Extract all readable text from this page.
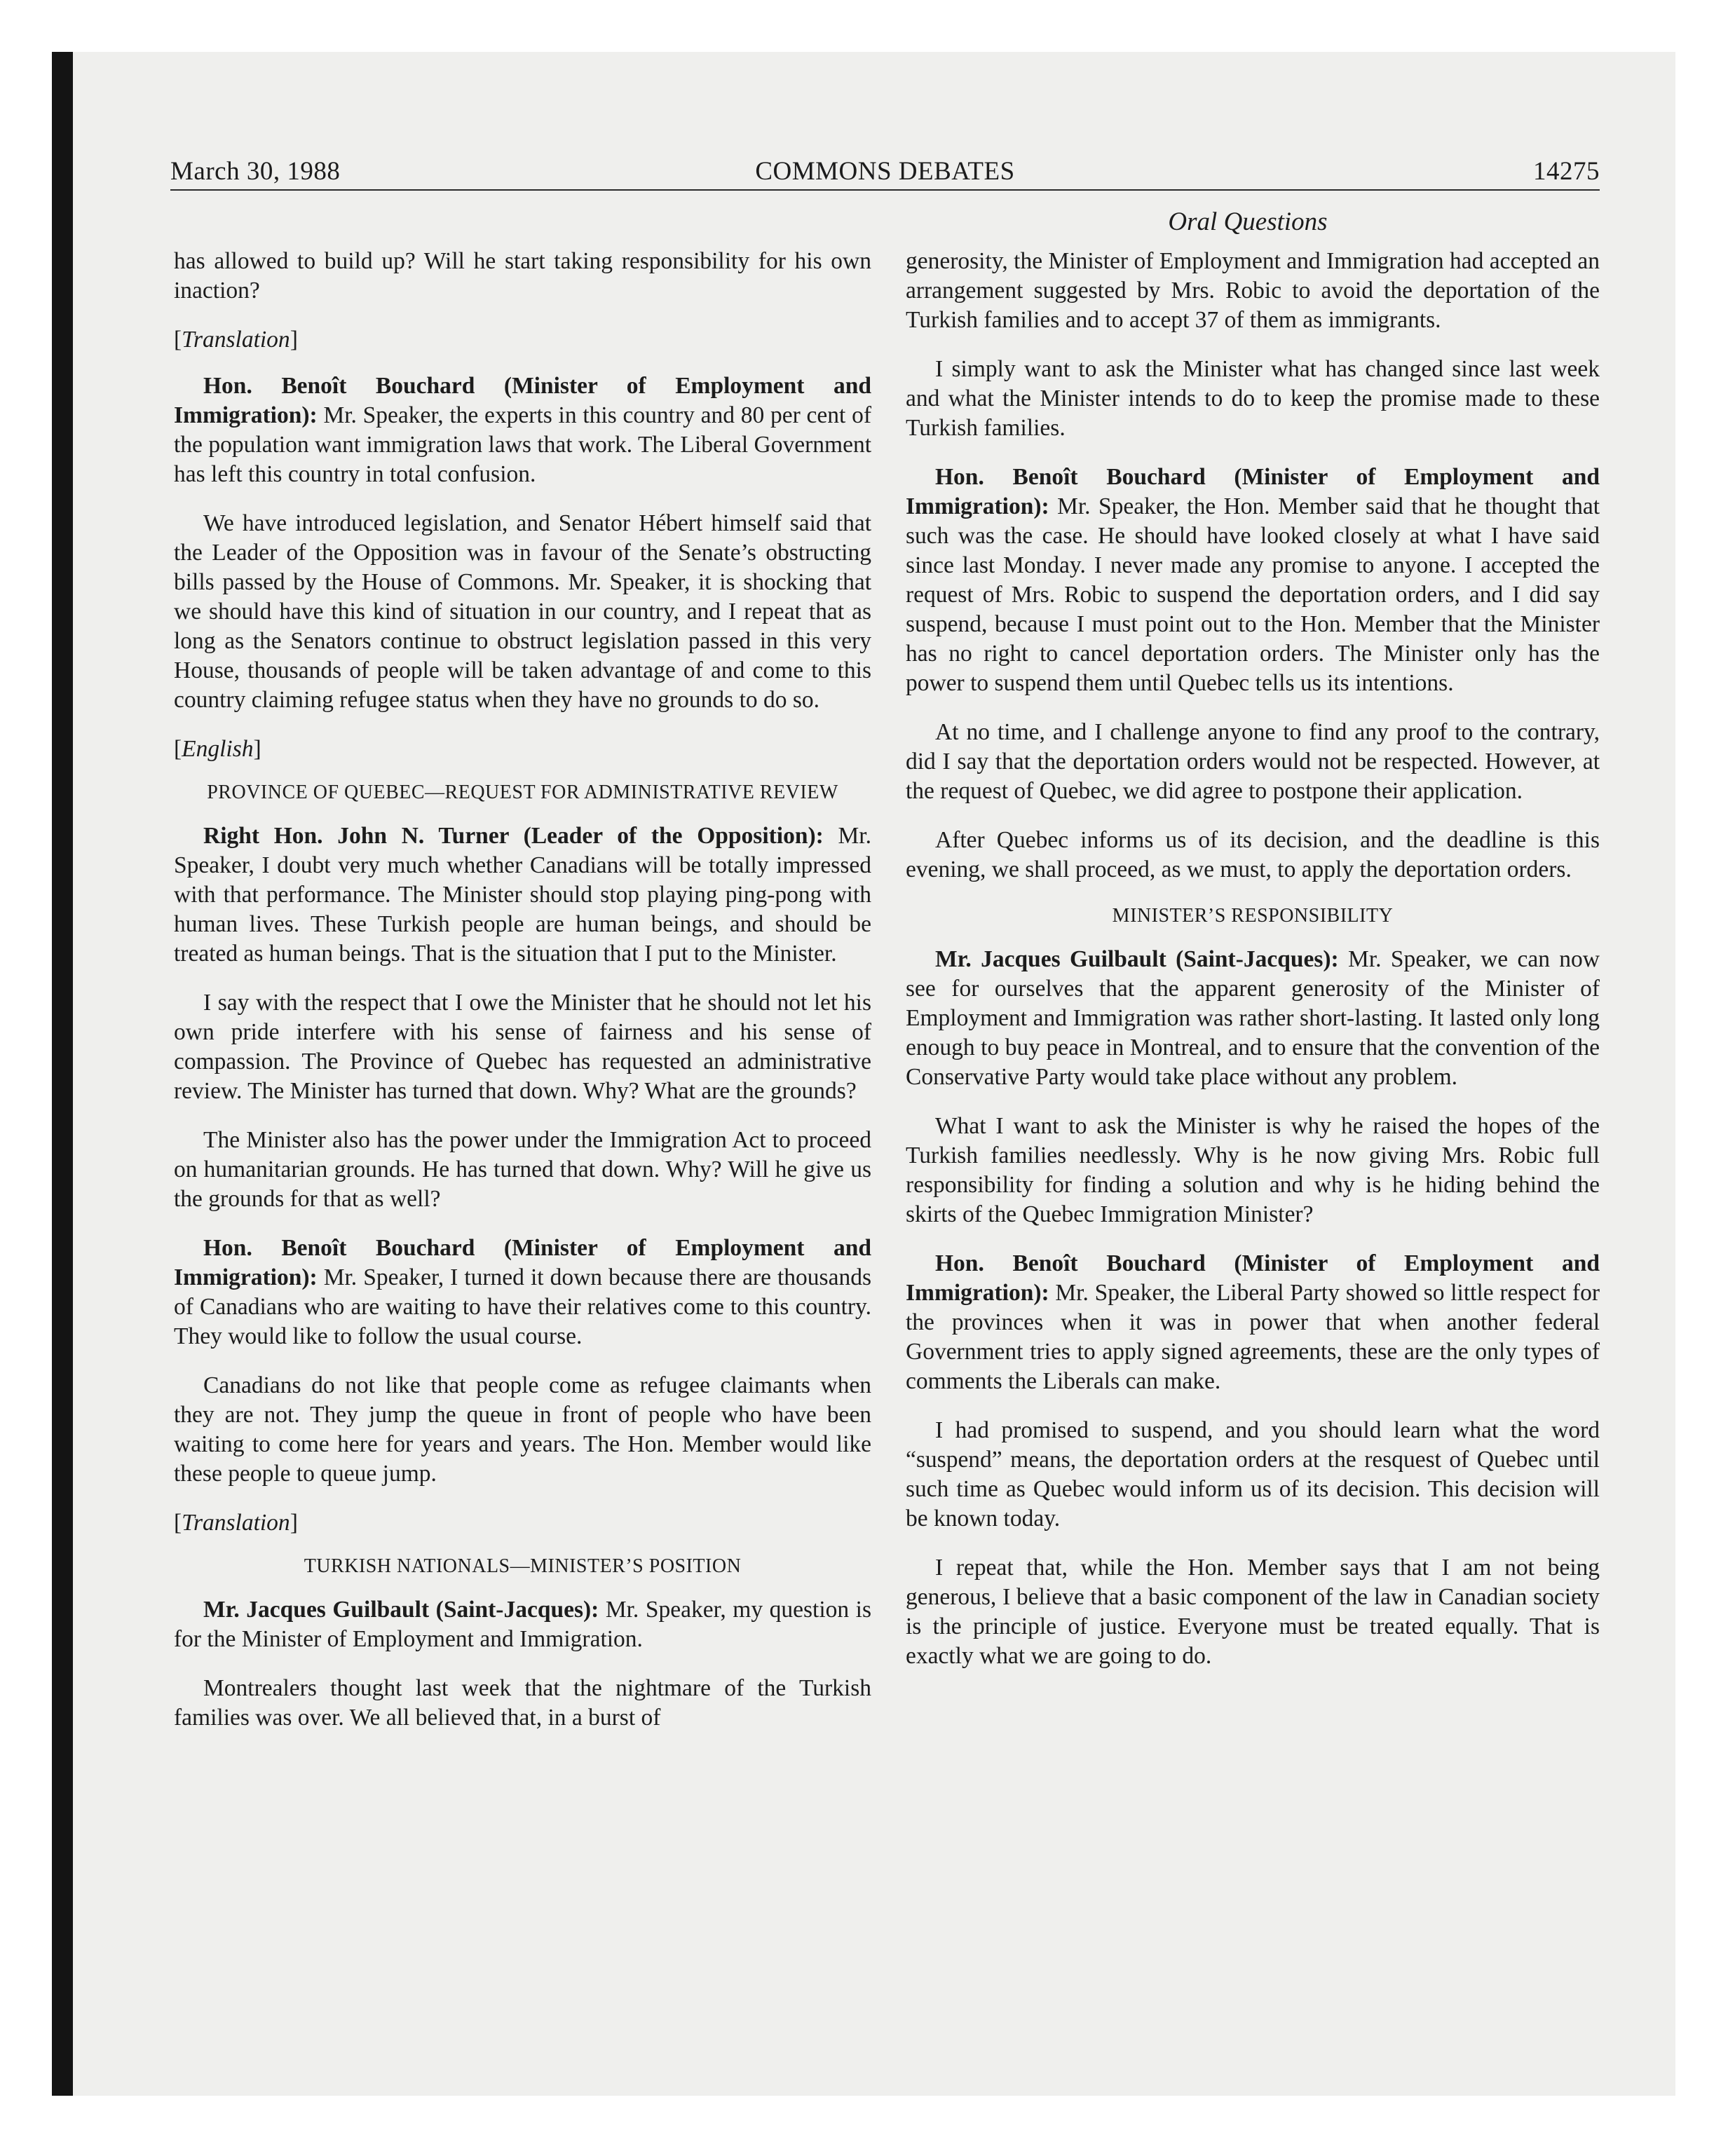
March 30, 1988	COMMONS DEBATES	14275
Oral Questions

has allowed to build up? Will he start taking responsibility for his own inaction?

[Translation]

Hon. Benoît Bouchard (Minister of Employment and Immigration): Mr. Speaker, the experts in this country and 80 per cent of the population want immigration laws that work. The Liberal Government has left this country in total confusion.

We have introduced legislation, and Senator Hébert himself said that the Leader of the Opposition was in favour of the Senate’s obstructing bills passed by the House of Commons. Mr. Speaker, it is shocking that we should have this kind of situation in our country, and I repeat that as long as the Senators continue to obstruct legislation passed in this very House, thousands of people will be taken advantage of and come to this country claiming refugee status when they have no grounds to do so.

[English]
PROVINCE OF QUEBEC—REQUEST FOR ADMINISTRATIVE REVIEW

Right Hon. John N. Turner (Leader of the Opposition): Mr. Speaker, I doubt very much whether Canadians will be totally impressed with that performance. The Minister should stop playing ping-pong with human lives. These Turkish people are human beings, and should be treated as human beings. That is the situation that I put to the Minister.

I say with the respect that I owe the Minister that he should not let his own pride interfere with his sense of fairness and his sense of compassion. The Province of Quebec has requested an administrative review. The Minister has turned that down. Why? What are the grounds?

The Minister also has the power under the Immigration Act to proceed on humanitarian grounds. He has turned that down. Why? Will he give us the grounds for that as well?

Hon. Benoît Bouchard (Minister of Employment and Immigration): Mr. Speaker, I turned it down because there are thousands of Canadians who are waiting to have their relatives come to this country. They would like to follow the usual course.

Canadians do not like that people come as refugee claimants when they are not. They jump the queue in front of people who have been waiting to come here for years and years. The Hon. Member would like these people to queue jump.

[Translation]
TURKISH NATIONALS—MINISTER’S POSITION

Mr. Jacques Guilbault (Saint-Jacques): Mr. Speaker, my question is for the Minister of Employment and Immigration.

Montrealers thought last week that the nightmare of the Turkish families was over. We all believed that, in a burst of

generosity, the Minister of Employment and Immigration had accepted an arrangement suggested by Mrs. Robic to avoid the deportation of the Turkish families and to accept 37 of them as immigrants.

I simply want to ask the Minister what has changed since last week and what the Minister intends to do to keep the promise made to these Turkish families.

Hon. Benoît Bouchard (Minister of Employment and Immigration): Mr. Speaker, the Hon. Member said that he thought that such was the case. He should have looked closely at what I have said since last Monday. I never made any promise to anyone. I accepted the request of Mrs. Robic to suspend the deportation orders, and I did say suspend, because I must point out to the Hon. Member that the Minister has no right to cancel deportation orders. The Minister only has the power to suspend them until Quebec tells us its intentions.

At no time, and I challenge anyone to find any proof to the contrary, did I say that the deportation orders would not be respected. However, at the request of Quebec, we did agree to postpone their application.

After Quebec informs us of its decision, and the deadline is this evening, we shall proceed, as we must, to apply the deportation orders.

MINISTER’S RESPONSIBILITY

Mr. Jacques Guilbault (Saint-Jacques): Mr. Speaker, we can now see for ourselves that the apparent generosity of the Minister of Employment and Immigration was rather short-lasting. It lasted only long enough to buy peace in Montreal, and to ensure that the convention of the Conservative Party would take place without any problem.

What I want to ask the Minister is why he raised the hopes of the Turkish families needlessly. Why is he now giving Mrs. Robic full responsibility for finding a solution and why is he hiding behind the skirts of the Quebec Immigration Minister?

Hon. Benoît Bouchard (Minister of Employment and Immigration): Mr. Speaker, the Liberal Party showed so little respect for the provinces when it was in power that when another federal Government tries to apply signed agreements, these are the only types of comments the Liberals can make.

I had promised to suspend, and you should learn what the word “suspend” means, the deportation orders at the resquest of Quebec until such time as Quebec would inform us of its decision. This decision will be known today.

I repeat that, while the Hon. Member says that I am not being generous, I believe that a basic component of the law in Canadian society is the principle of justice. Everyone must be treated equally. That is exactly what we are going to do.
